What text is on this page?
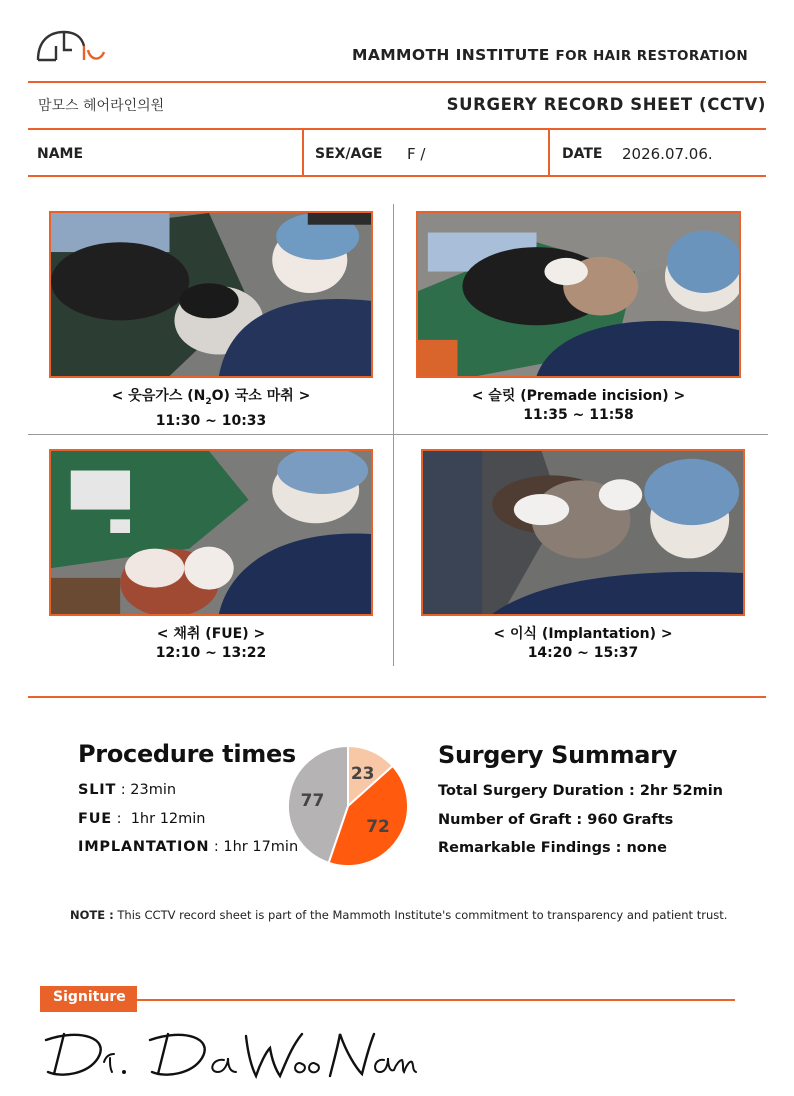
MAMMOTH INSTITUTE FOR HAIR RESTORATION
맘모스 헤어라인의원	SURGERY RECORD SHEET (CCTV)
NAME	SEX/AGE F /	DATE 2026.07.06.
< 웃음가스 $(N_2O)$ 국소 마취 >
11:30 ~ 10:33
< 슬릿 (Premade incision) >
11:35 ~ 11:58
< 채취 (FUE) >
12:10 ~ 13:22
< 이식 (Implantation) >
14:20 ~ 15:37
Procedure times
SLIT : 23min
FUE :  1hr 12min
IMPLANTATION : 1hr 17min
23
72
77
Surgery Summary
Total Surgery Duration : 2hr 52min
Number of Graft : 960 Grafts
Remarkable Findings : none
NOTE : This CCTV record sheet is part of the Mammoth Institute's commitment to transparency and patient trust.
Signiture
